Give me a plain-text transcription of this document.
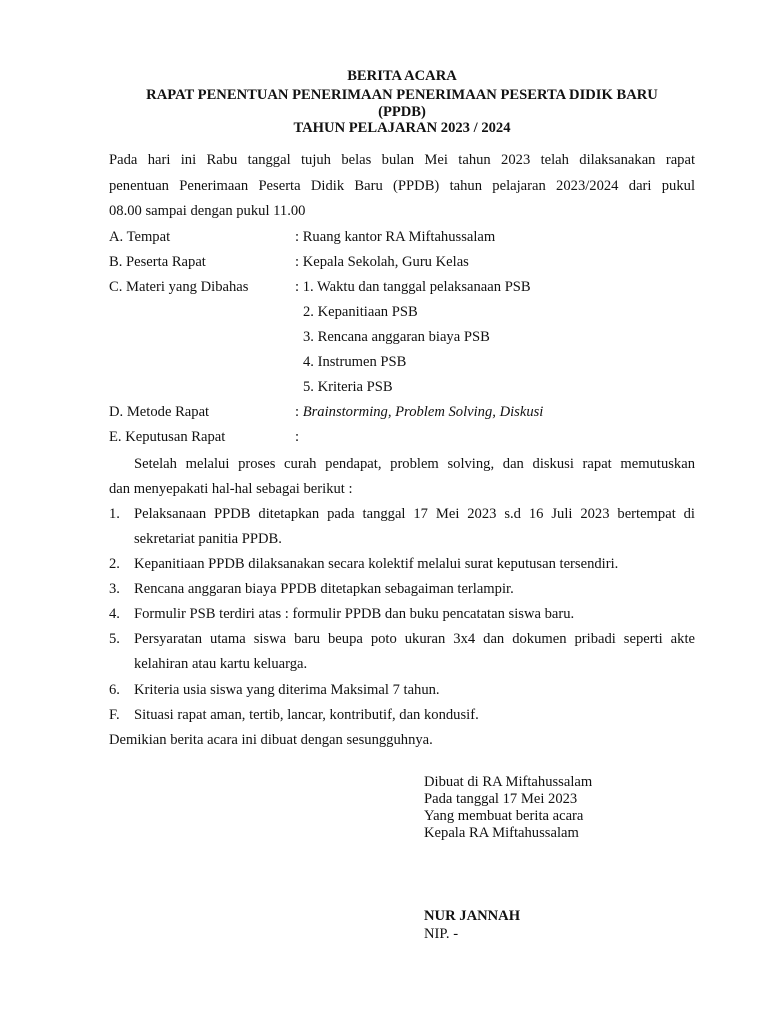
BERITA ACARA
RAPAT PENENTUAN PENERIMAAN PENERIMAAN PESERTA DIDIK BARU
(PPDB)
TAHUN PELAJARAN 2023 / 2024
Pada hari ini Rabu tanggal tujuh belas bulan Mei tahun 2023 telah dilaksanakan rapat
penentuan Penerimaan Peserta Didik Baru (PPDB) tahun pelajaran 2023/2024 dari pukul
08.00 sampai dengan pukul 11.00
A. Tempat	: Ruang kantor RA Miftahussalam
B. Peserta Rapat	: Kepala Sekolah, Guru Kelas
C. Materi yang Dibahas	: 1. Waktu dan tanggal pelaksanaan PSB
2. Kepanitiaan PSB
3. Rencana anggaran biaya PSB
4. Instrumen PSB
5. Kriteria PSB
D. Metode Rapat	: Brainstorming, Problem Solving, Diskusi
E. Keputusan Rapat	:
Setelah melalui proses curah pendapat, problem solving, dan diskusi rapat memutuskan
dan menyepakati hal-hal sebagai berikut :
1. Pelaksanaan PPDB ditetapkan pada tanggal 17 Mei 2023 s.d 16 Juli 2023 bertempat di
sekretariat panitia PPDB.
2. Kepanitiaan PPDB dilaksanakan secara kolektif melalui surat keputusan tersendiri.
3. Rencana anggaran biaya PPDB ditetapkan sebagaiman terlampir.
4. Formulir PSB terdiri atas : formulir PPDB dan buku pencatatan siswa baru.
5. Persyaratan utama siswa baru beupa poto ukuran 3x4 dan dokumen pribadi seperti akte
kelahiran atau kartu keluarga.
6. Kriteria usia siswa yang diterima Maksimal 7 tahun.
F. Situasi rapat aman, tertib, lancar, kontributif, dan kondusif.
Demikian berita acara ini dibuat dengan sesungguhnya.
Dibuat di RA Miftahussalam
Pada tanggal 17 Mei 2023
Yang membuat berita acara
Kepala RA Miftahussalam
NUR JANNAH
NIP. -
